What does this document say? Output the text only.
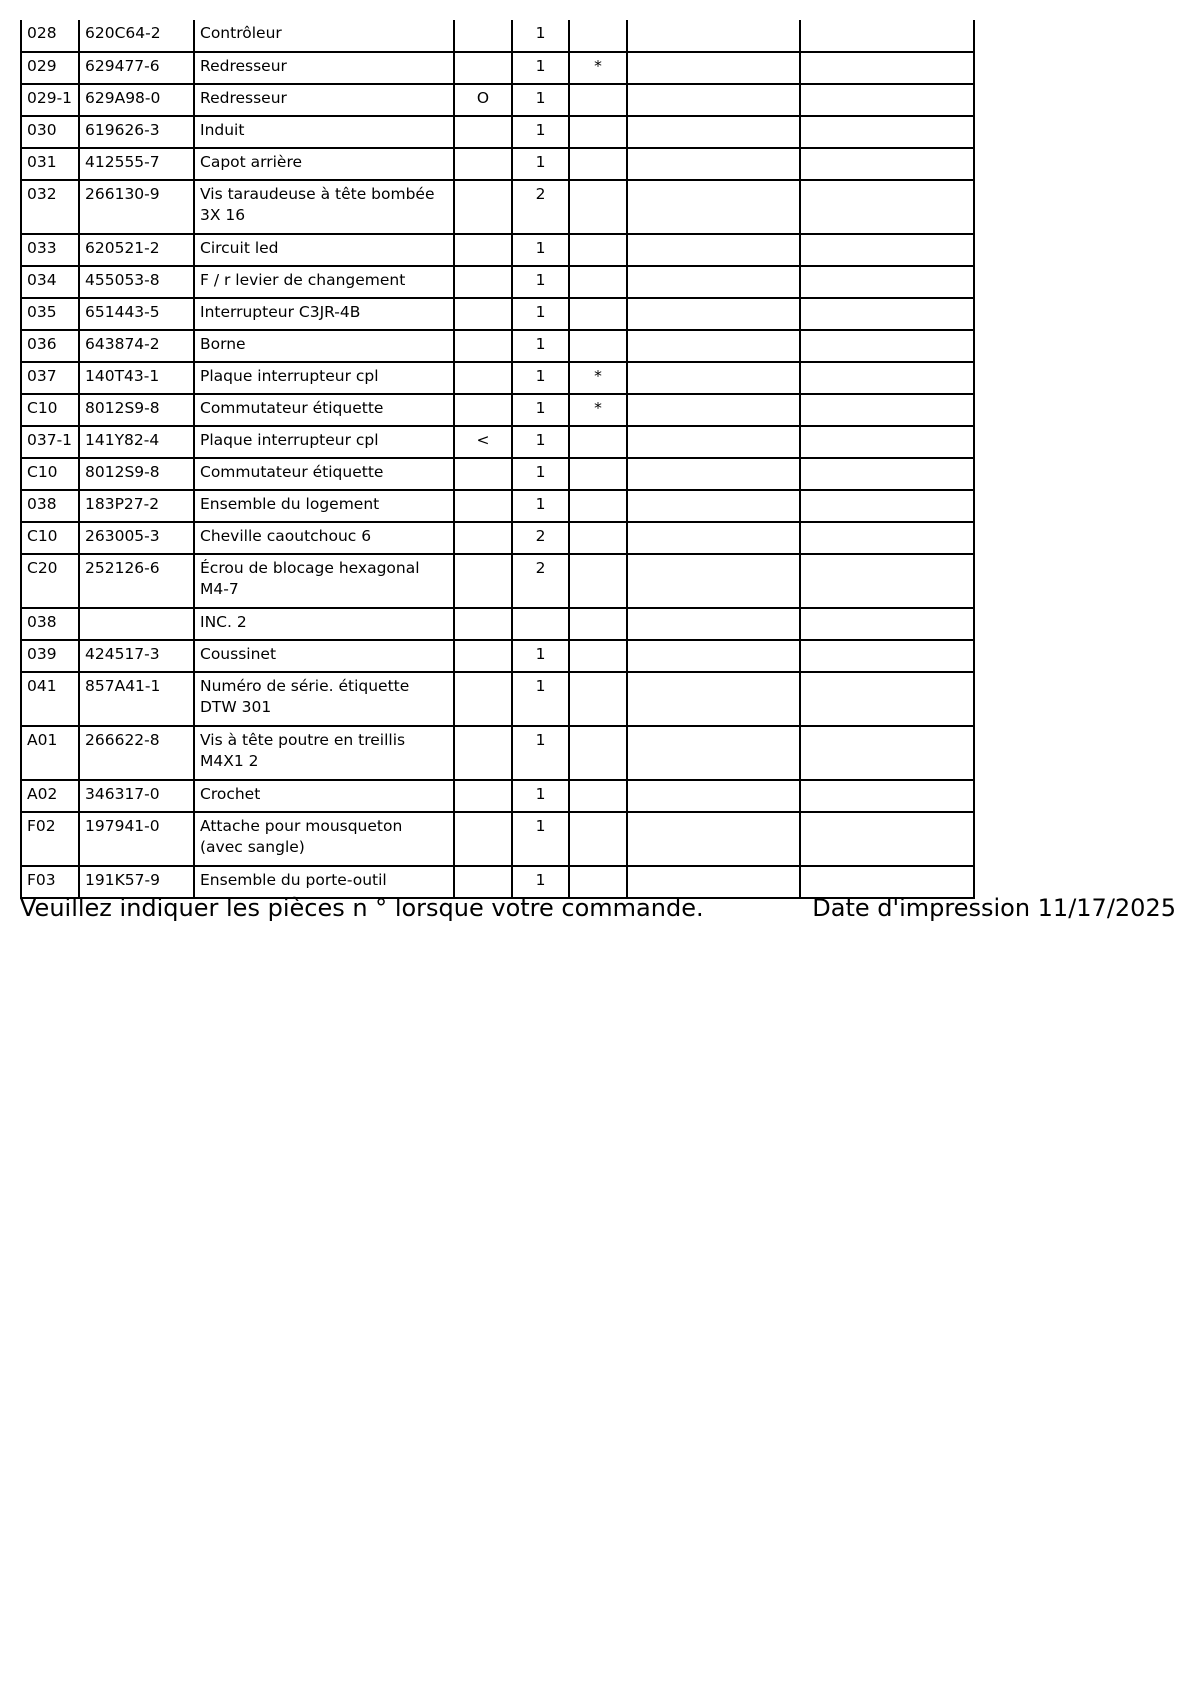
028	620C64-2	Contrôleur		1			
029	629477-6	Redresseur		1	*		
029-1	629A98-0	Redresseur	O	1			
030	619626-3	Induit		1			
031	412555-7	Capot arrière		1			
032	266130-9	Vis taraudeuse à tête bombée 3X 16		2			
033	620521-2	Circuit led		1			
034	455053-8	F / r levier de changement		1			
035	651443-5	Interrupteur C3JR-4B		1			
036	643874-2	Borne		1			
037	140T43-1	Plaque interrupteur cpl		1	*		
C10	8012S9-8	Commutateur étiquette		1	*		
037-1	141Y82-4	Plaque interrupteur cpl	<	1			
C10	8012S9-8	Commutateur étiquette		1			
038	183P27-2	Ensemble du logement		1			
C10	263005-3	Cheville caoutchouc 6		2			
C20	252126-6	Écrou de blocage hexagonal M4-7		2			
038		INC. 2					
039	424517-3	Coussinet		1			
041	857A41-1	Numéro de série. étiquette DTW 301		1			
A01	266622-8	Vis à tête poutre en treillis M4X1 2		1			
A02	346317-0	Crochet		1			
F02	197941-0	Attache pour mousqueton (avec sangle)		1			
F03	191K57-9	Ensemble du porte-outil		1			
Veuillez indiquer les pièces n ° lorsque votre commande.	Date d'impression 11/17/2025
